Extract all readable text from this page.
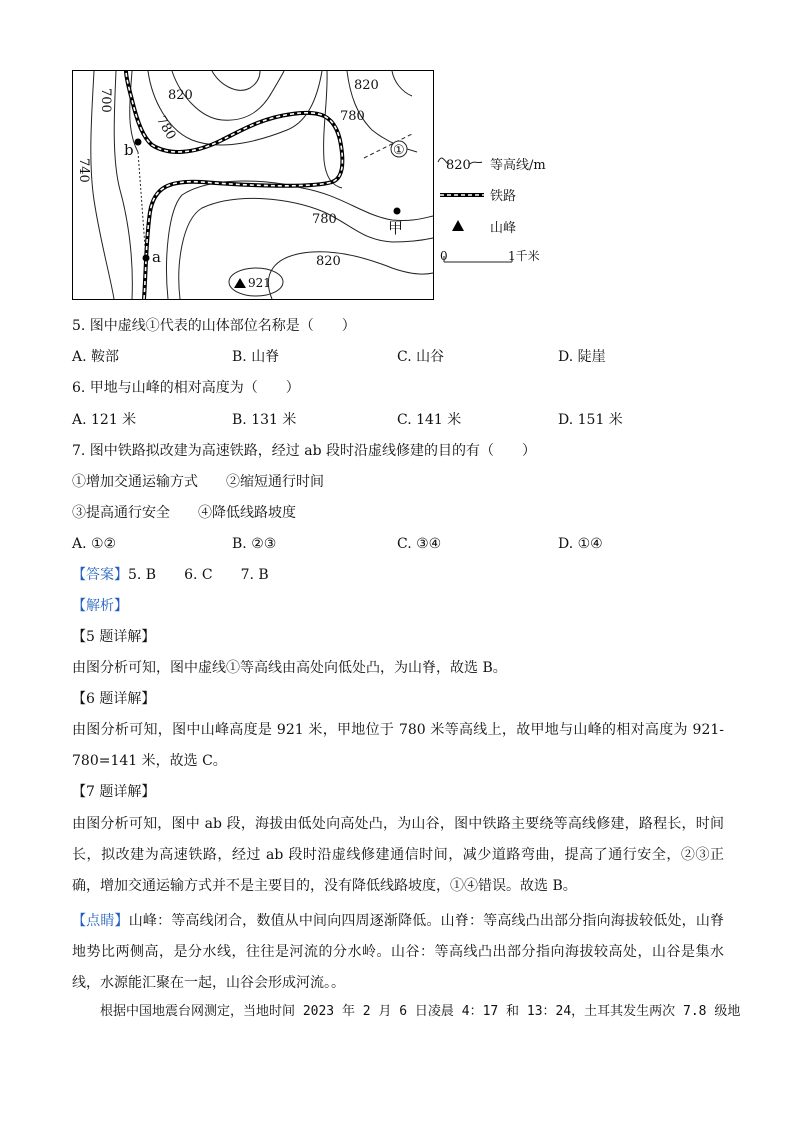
820
820
820
780
780
780
700
740
b
a
甲
①
921
820 等高线/m
铁路
山峰
0	1千米
5. 图中虚线①代表的山体部位名称是（　　）
A. 鞍部	B. 山脊	C. 山谷	D. 陡崖
6. 甲地与山峰的相对高度为（　　）
A. 121 米	B. 131 米	C. 141 米	D. 151 米
7. 图中铁路拟改建为高速铁路，经过 ab 段时沿虚线修建的目的有（　　）
①增加交通运输方式　　②缩短通行时间
③提高通行安全　　④降低线路坡度
A. ①②	B. ②③	C. ③④	D. ①④
【答案】5. B　　6. C　　7. B
【解析】
【5 题详解】
由图分析可知，图中虚线①等高线由高处向低处凸，为山脊，故选 B。
【6 题详解】
由图分析可知，图中山峰高度是 921 米，甲地位于 780 米等高线上，故甲地与山峰的相对高度为 921-780=141 米，故选 C。
【7 题详解】
由图分析可知，图中 ab 段，海拔由低处向高处凸，为山谷，图中铁路主要绕等高线修建，路程长，时间长，拟改建为高速铁路，经过 ab 段时沿虚线修建通信时间，减少道路弯曲，提高了通行安全，②③正确，增加交通运输方式并不是主要目的，没有降低线路坡度，①④错误。故选 B。
【点睛】山峰：等高线闭合，数值从中间向四周逐渐降低。山脊：等高线凸出部分指向海拔较低处，山脊地势比两侧高，是分水线，往往是河流的分水岭。山谷：等高线凸出部分指向海拔较高处，山谷是集水线，水源能汇聚在一起，山谷会形成河流。。
根据中国地震台网测定，当地时间 2023 年 2 月 6 日凌晨 4：17 和 13：24，土耳其发生两次 7.8 级地
